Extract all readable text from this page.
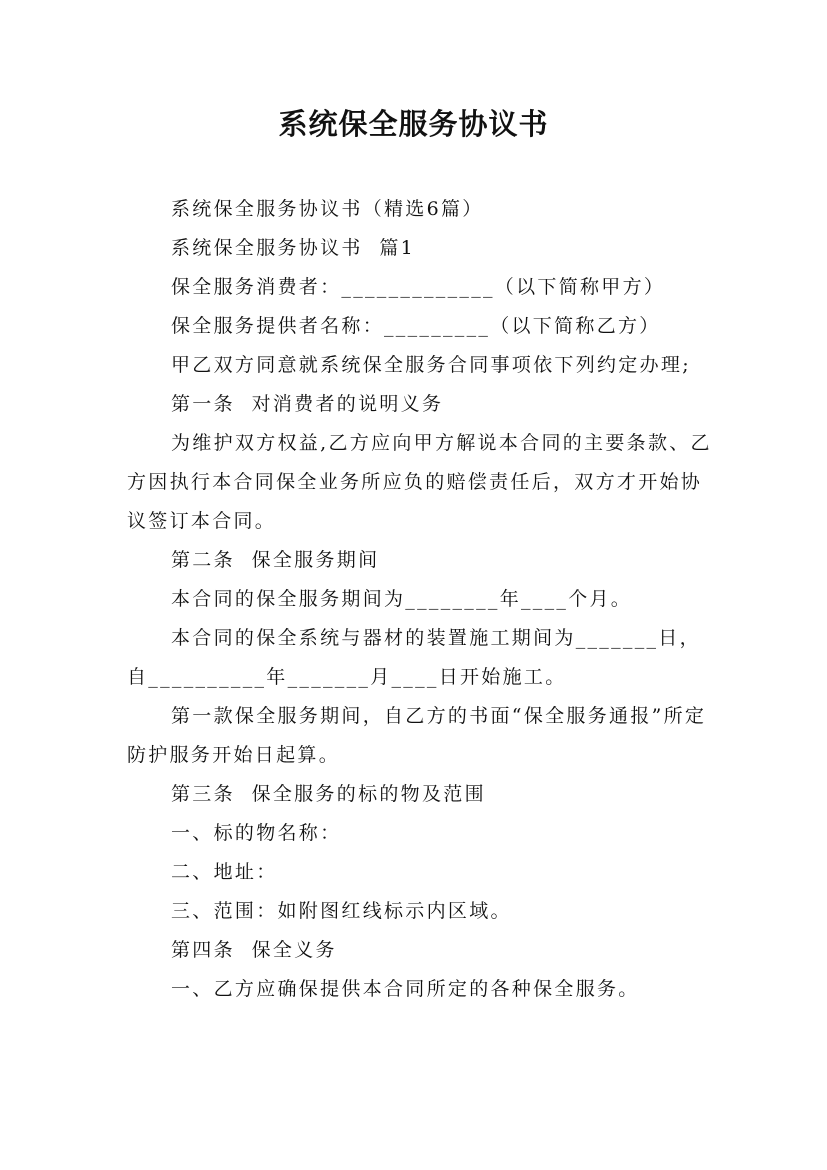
系统保全服务协议书

系统保全服务协议书（精选6篇）

系统保全服务协议书  篇1

保全服务消费者：_____________（以下简称甲方）

保全服务提供者名称：_________（以下简称乙方）

甲乙双方同意就系统保全服务合同事项依下列约定办理;

第一条  对消费者的说明义务

为维护双方权益,乙方应向甲方解说本合同的主要条款、乙方因执行本合同保全业务所应负的赔偿责任后，双方才开始协议签订本合同。

第二条  保全服务期间

本合同的保全服务期间为________年____个月。

本合同的保全系统与器材的装置施工期间为_______日，自__________年_______月____日开始施工。

第一款保全服务期间，自乙方的书面“保全服务通报”所定防护服务开始日起算。

第三条  保全服务的标的物及范围

一、标的物名称：

二、地址：

三、范围：如附图红线标示内区域。

第四条  保全义务

一、乙方应确保提供本合同所定的各种保全服务。
